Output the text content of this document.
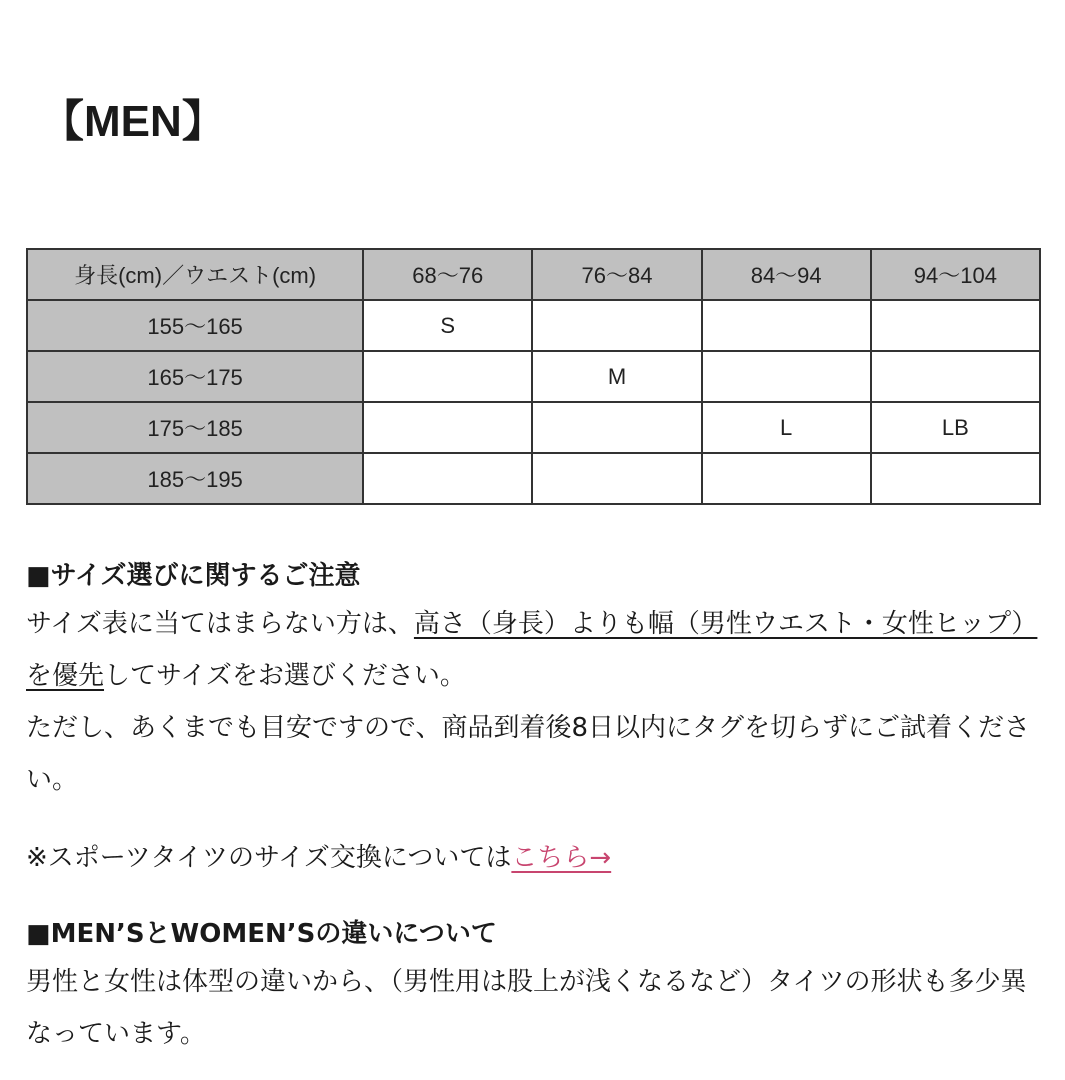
【MEN】
身長(cm)／ウエスト(cm)	68〜76	76〜84	84〜94	94〜104
155〜165	S			
165〜175		M		
175〜185			L	LB
185〜195				

■サイズ選びに関するご注意

サイズ表に当てはまらない方は、高さ（身長）よりも幅（男性ウエスト・女性ヒップ）を優先してサイズをお選びください。

ただし、あくまでも目安ですので、商品到着後8日以内にタグを切らずにご試着ください。

※スポーツタイツのサイズ交換についてはこちら→

■MEN’SとWOMEN’Sの違いについて

男性と女性は体型の違いから、（男性用は股上が浅くなるなど）タイツの形状も多少異なっています。
